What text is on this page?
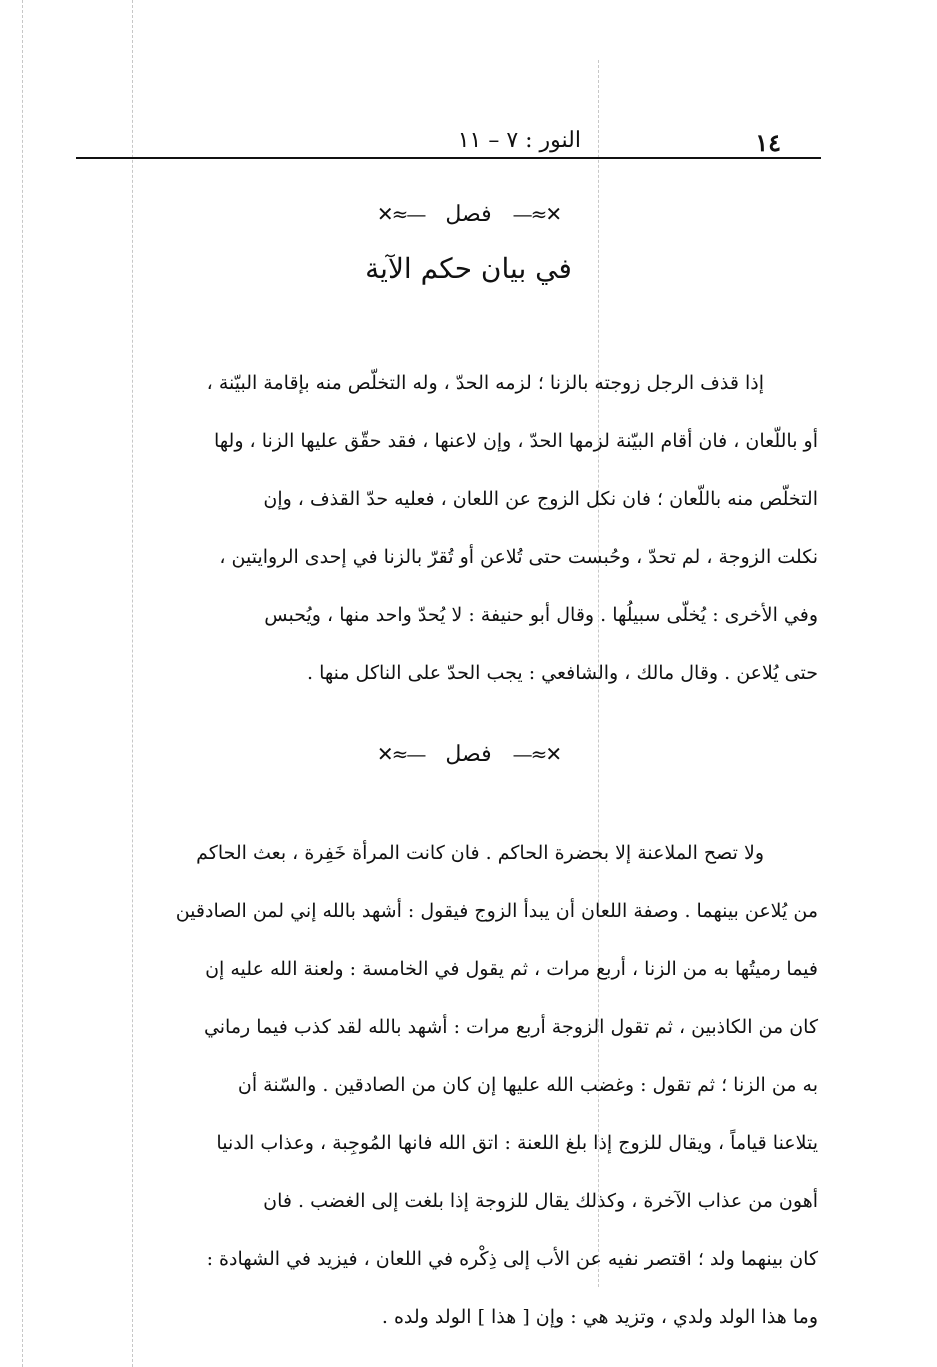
١٤
النور : ٧ – ١١
✕≈— فصل —≈✕
في بيان حكم الآية
إذا قذف الرجل زوجته بالزنا ؛ لزمه الحدّ ، وله التخلّص منه بإقامة البيّنة ،
أو باللّعان ، فان أقام البيّنة لزمها الحدّ ، وإن لاعنها ، فقد حقّق عليها الزنا ، ولها
التخلّص منه باللّعان ؛ فان نكل الزوج عن اللعان ، فعليه حدّ القذف ، وإن
نكلت الزوجة ، لم تحدّ ، وحُبست حتى تُلاعن أو تُقرّ بالزنا في إحدى الروايتين ،
وفي الأخرى : يُخلّى سبيلُها . وقال أبو حنيفة : لا يُحدّ واحد منها ، ويُحبس
حتى يُلاعن . وقال مالك ، والشافعي : يجب الحدّ على الناكل منها .
✕≈— فصل —≈✕
ولا تصح الملاعنة إلا بحضرة الحاكم . فان كانت المرأة خَفِرة ، بعث الحاكم
من يُلاعن بينهما . وصفة اللعان أن يبدأ الزوج فيقول : أشهد بالله إني لمن الصادقين
فيما رميتُها به من الزنا ، أربع مرات ، ثم يقول في الخامسة : ولعنة الله عليه إن
كان من الكاذبين ، ثم تقول الزوجة أربع مرات : أشهد بالله لقد كذب فيما رماني
به من الزنا ؛ ثم تقول : وغضب الله عليها إن كان من الصادقين . والسّنة أن
يتلاعنا قياماً ، ويقال للزوج إذا بلغ اللعنة : اتق الله فانها المُوجِبة ، وعذاب الدنيا
أهون من عذاب الآخرة ، وكذلك يقال للزوجة إذا بلغت إلى الغضب . فان
كان بينهما ولد ؛ اقتصر نفيه عن الأب إلى ذِكْره في اللعان ، فيزيد في الشهادة :
وما هذا الولد ولدي ، وتزيد هي : وإن [ هذا ] الولد ولده .
